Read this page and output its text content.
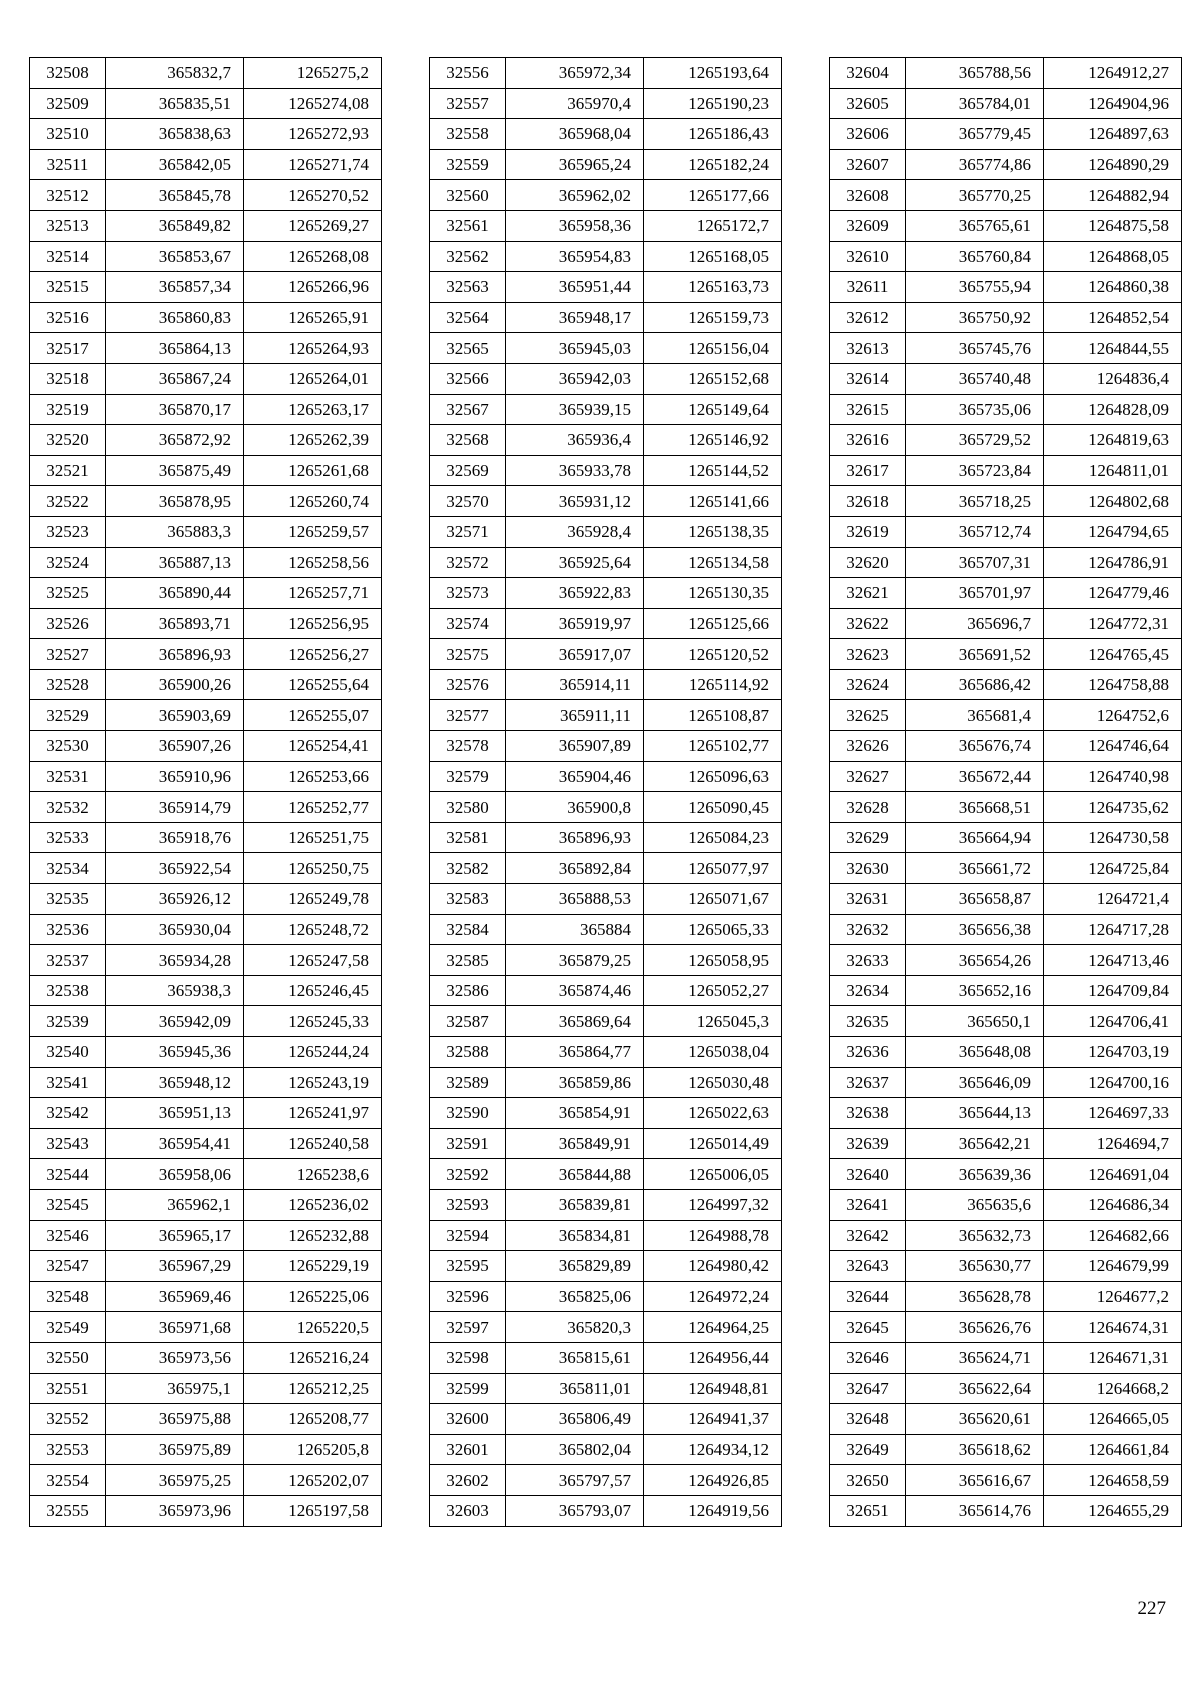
32508	365832,7	1265275,2
32509	365835,51	1265274,08
32510	365838,63	1265272,93
32511	365842,05	1265271,74
32512	365845,78	1265270,52
32513	365849,82	1265269,27
32514	365853,67	1265268,08
32515	365857,34	1265266,96
32516	365860,83	1265265,91
32517	365864,13	1265264,93
32518	365867,24	1265264,01
32519	365870,17	1265263,17
32520	365872,92	1265262,39
32521	365875,49	1265261,68
32522	365878,95	1265260,74
32523	365883,3	1265259,57
32524	365887,13	1265258,56
32525	365890,44	1265257,71
32526	365893,71	1265256,95
32527	365896,93	1265256,27
32528	365900,26	1265255,64
32529	365903,69	1265255,07
32530	365907,26	1265254,41
32531	365910,96	1265253,66
32532	365914,79	1265252,77
32533	365918,76	1265251,75
32534	365922,54	1265250,75
32535	365926,12	1265249,78
32536	365930,04	1265248,72
32537	365934,28	1265247,58
32538	365938,3	1265246,45
32539	365942,09	1265245,33
32540	365945,36	1265244,24
32541	365948,12	1265243,19
32542	365951,13	1265241,97
32543	365954,41	1265240,58
32544	365958,06	1265238,6
32545	365962,1	1265236,02
32546	365965,17	1265232,88
32547	365967,29	1265229,19
32548	365969,46	1265225,06
32549	365971,68	1265220,5
32550	365973,56	1265216,24
32551	365975,1	1265212,25
32552	365975,88	1265208,77
32553	365975,89	1265205,8
32554	365975,25	1265202,07
32555	365973,96	1265197,58
32556	365972,34	1265193,64
32557	365970,4	1265190,23
32558	365968,04	1265186,43
32559	365965,24	1265182,24
32560	365962,02	1265177,66
32561	365958,36	1265172,7
32562	365954,83	1265168,05
32563	365951,44	1265163,73
32564	365948,17	1265159,73
32565	365945,03	1265156,04
32566	365942,03	1265152,68
32567	365939,15	1265149,64
32568	365936,4	1265146,92
32569	365933,78	1265144,52
32570	365931,12	1265141,66
32571	365928,4	1265138,35
32572	365925,64	1265134,58
32573	365922,83	1265130,35
32574	365919,97	1265125,66
32575	365917,07	1265120,52
32576	365914,11	1265114,92
32577	365911,11	1265108,87
32578	365907,89	1265102,77
32579	365904,46	1265096,63
32580	365900,8	1265090,45
32581	365896,93	1265084,23
32582	365892,84	1265077,97
32583	365888,53	1265071,67
32584	365884	1265065,33
32585	365879,25	1265058,95
32586	365874,46	1265052,27
32587	365869,64	1265045,3
32588	365864,77	1265038,04
32589	365859,86	1265030,48
32590	365854,91	1265022,63
32591	365849,91	1265014,49
32592	365844,88	1265006,05
32593	365839,81	1264997,32
32594	365834,81	1264988,78
32595	365829,89	1264980,42
32596	365825,06	1264972,24
32597	365820,3	1264964,25
32598	365815,61	1264956,44
32599	365811,01	1264948,81
32600	365806,49	1264941,37
32601	365802,04	1264934,12
32602	365797,57	1264926,85
32603	365793,07	1264919,56
32604	365788,56	1264912,27
32605	365784,01	1264904,96
32606	365779,45	1264897,63
32607	365774,86	1264890,29
32608	365770,25	1264882,94
32609	365765,61	1264875,58
32610	365760,84	1264868,05
32611	365755,94	1264860,38
32612	365750,92	1264852,54
32613	365745,76	1264844,55
32614	365740,48	1264836,4
32615	365735,06	1264828,09
32616	365729,52	1264819,63
32617	365723,84	1264811,01
32618	365718,25	1264802,68
32619	365712,74	1264794,65
32620	365707,31	1264786,91
32621	365701,97	1264779,46
32622	365696,7	1264772,31
32623	365691,52	1264765,45
32624	365686,42	1264758,88
32625	365681,4	1264752,6
32626	365676,74	1264746,64
32627	365672,44	1264740,98
32628	365668,51	1264735,62
32629	365664,94	1264730,58
32630	365661,72	1264725,84
32631	365658,87	1264721,4
32632	365656,38	1264717,28
32633	365654,26	1264713,46
32634	365652,16	1264709,84
32635	365650,1	1264706,41
32636	365648,08	1264703,19
32637	365646,09	1264700,16
32638	365644,13	1264697,33
32639	365642,21	1264694,7
32640	365639,36	1264691,04
32641	365635,6	1264686,34
32642	365632,73	1264682,66
32643	365630,77	1264679,99
32644	365628,78	1264677,2
32645	365626,76	1264674,31
32646	365624,71	1264671,31
32647	365622,64	1264668,2
32648	365620,61	1264665,05
32649	365618,62	1264661,84
32650	365616,67	1264658,59
32651	365614,76	1264655,29
227
